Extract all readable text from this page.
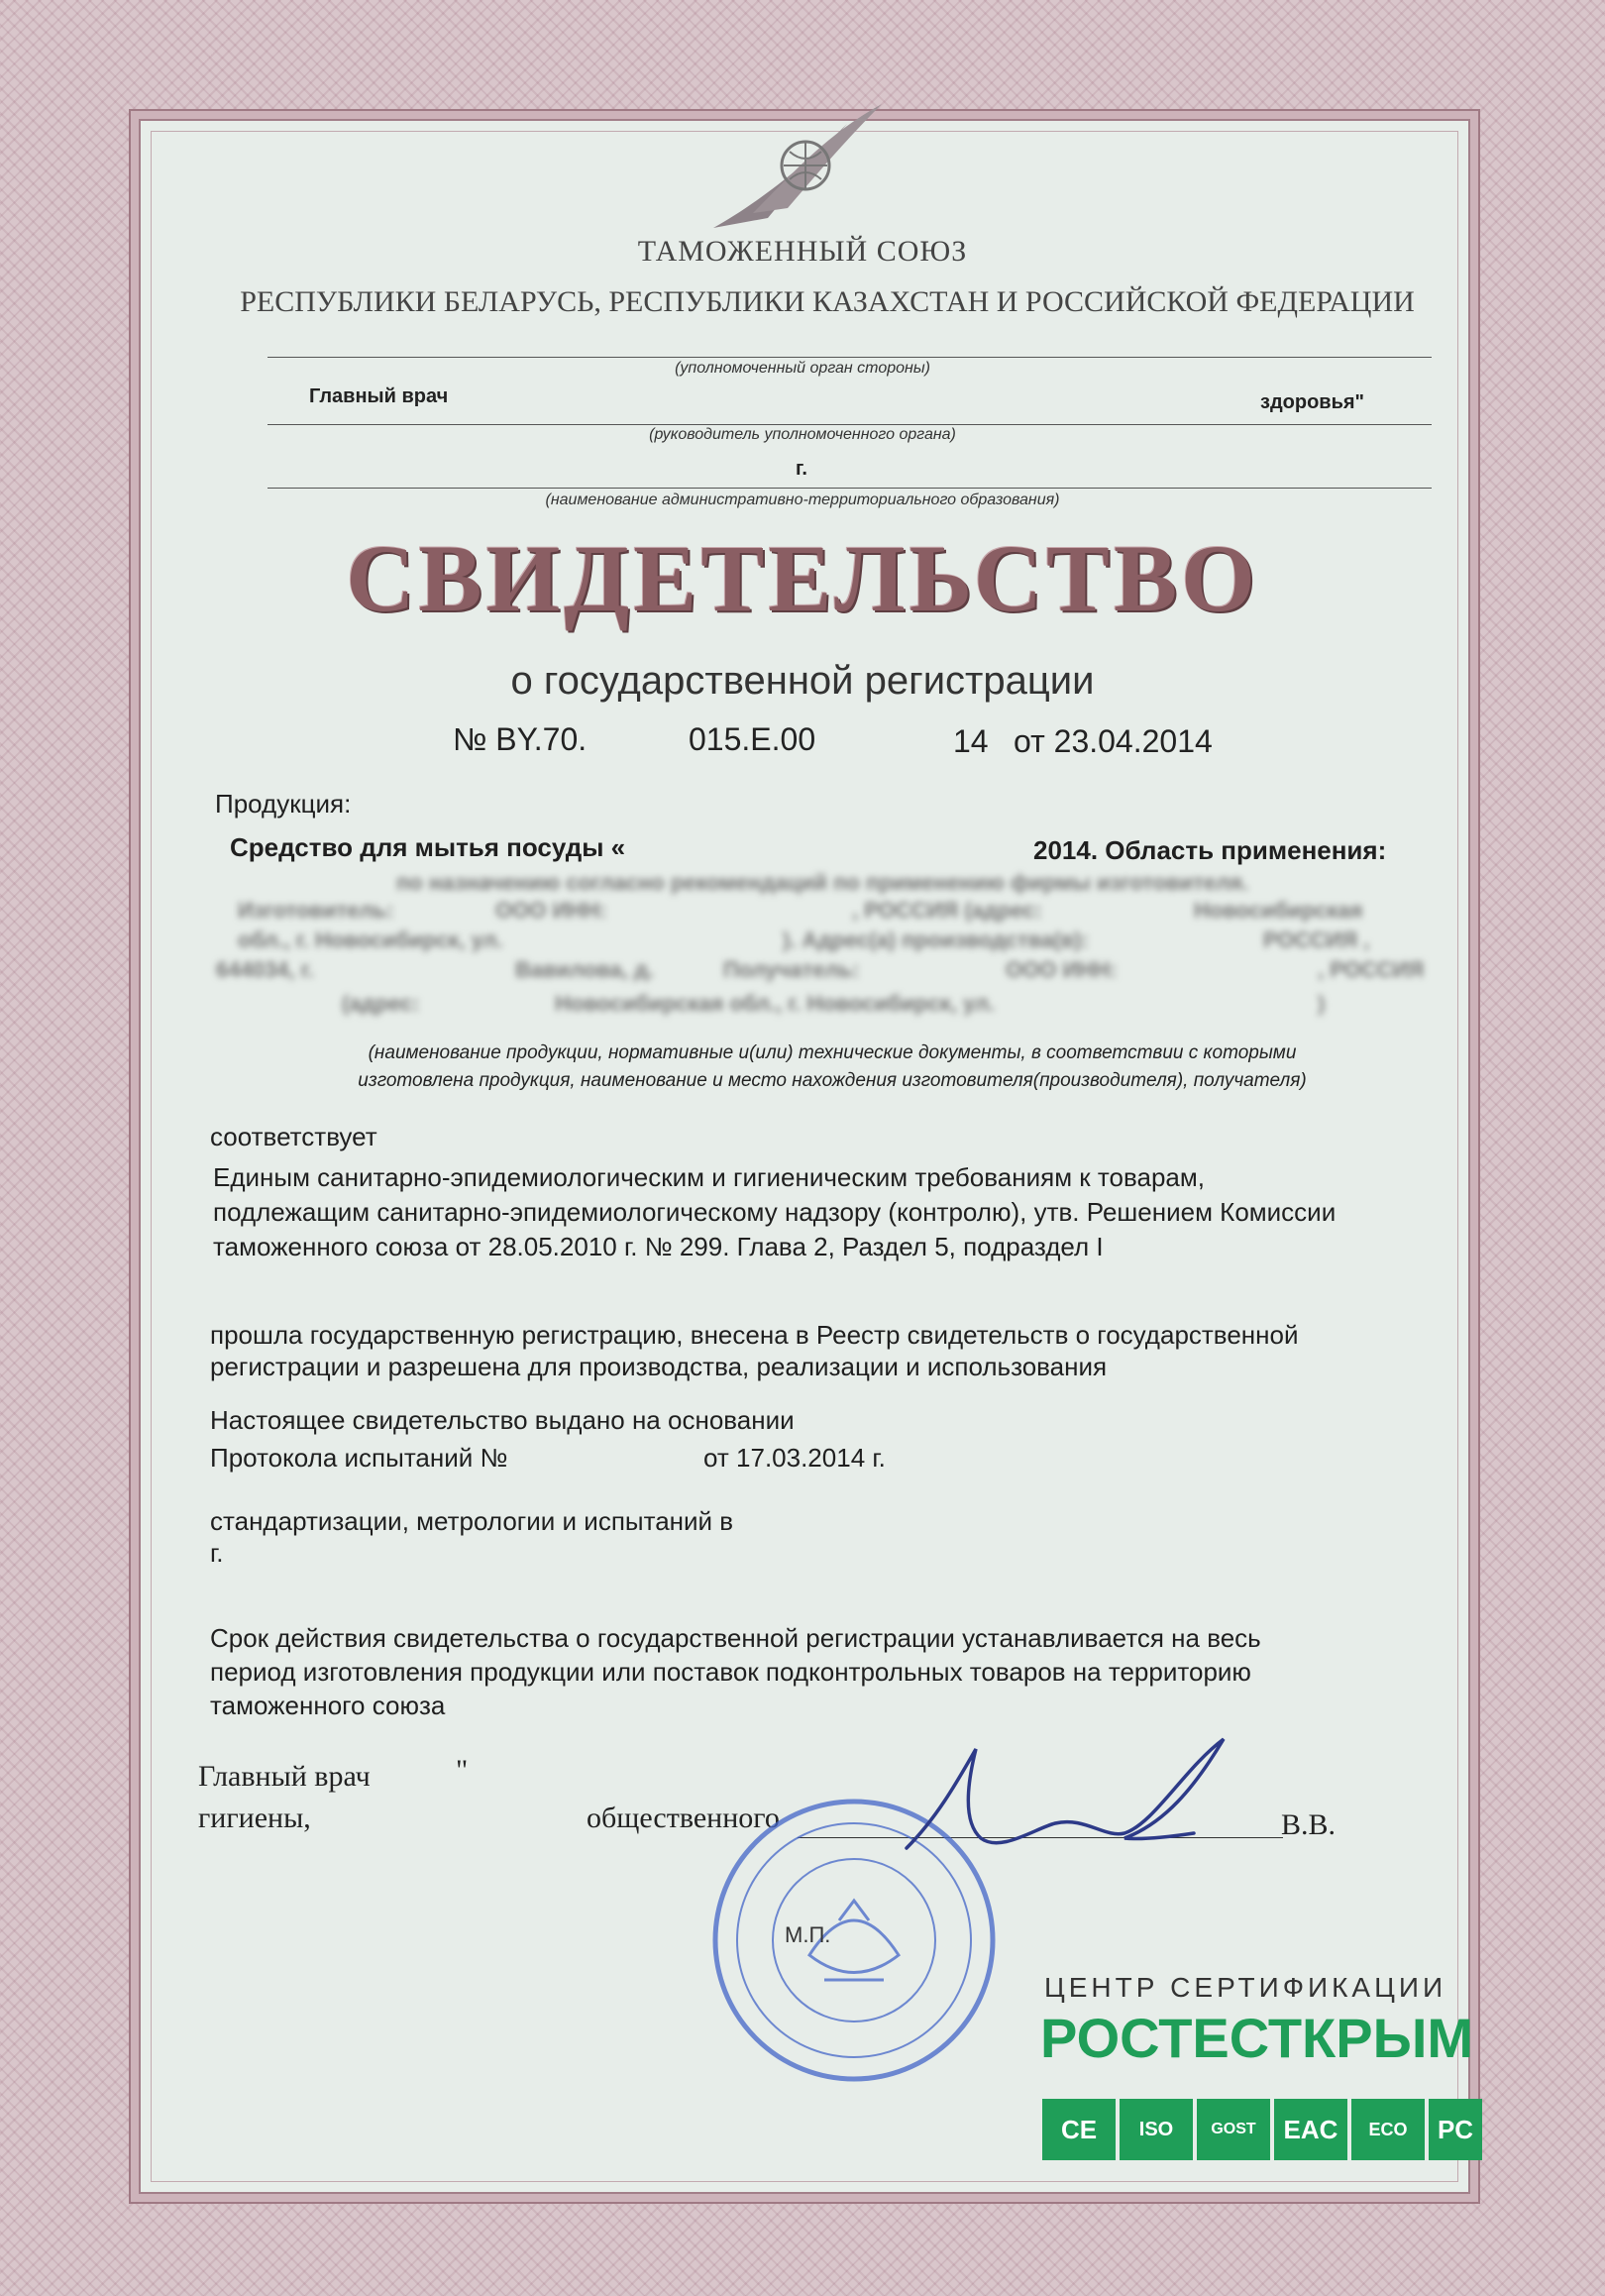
ТАМОЖЕННЫЙ СОЮЗ
РЕСПУБЛИКИ БЕЛАРУСЬ, РЕСПУБЛИКИ КАЗАХСТАН И РОССИЙСКОЙ ФЕДЕРАЦИИ
(уполномоченный орган стороны)
Главный врач	здоровья"
(руководитель уполномоченного органа)
г.
(наименование административно-территориального образования)
СВИДЕТЕЛЬСТВО
о государственной регистрации
№ BY.70.	015.Е.00	14 от 23.04.2014
Продукция:
Средство для мытья посуды «	2014. Область применения:
по назначению согласно рекомендаций по применению фирмы изготовителя.
Изготовитель:	ООО ИНН:	, РОССИЯ (адрес:	Новосибирская
обл., г. Новосибирск, ул.	). Адрес(а) производства(в):	РОССИЯ ,
644034, г.	Вавилова, д.	Получатель:	ООО ИНН:	, РОССИЯ
(адрес:	Новосибирская обл., г. Новосибирск, ул.	)
(наименование продукции, нормативные и(или) технические документы, в соответствии с которыми
изготовлена продукция, наименование и место нахождения изготовителя(производителя), получателя)
соответствует
Единым санитарно-эпидемиологическим и гигиеническим требованиям к товарам,
подлежащим санитарно-эпидемиологическому надзору (контролю), утв. Решением Комиссии
таможенного союза от 28.05.2010 г. № 299. Глава 2, Раздел 5, подраздел I
прошла государственную регистрацию, внесена в Реестр свидетельств о государственной
регистрации и разрешена для производства, реализации и использования
Настоящее свидетельство выдано на основании
Протокола испытаний №	от 17.03.2014 г.
стандартизации, метрологии и испытаний в
г.
Срок действия свидетельства о государственной регистрации устанавливается на весь
период изготовления продукции или поставок подконтрольных товаров на территорию
таможенного союза
Главный врач	"
гигиены,	общественного	В.В.
М.П.
ЦЕНТР СЕРТИФИКАЦИИ
РОСТЕСТКРЫМ
CE	ISO	GOST	EAC	ECO	PC
